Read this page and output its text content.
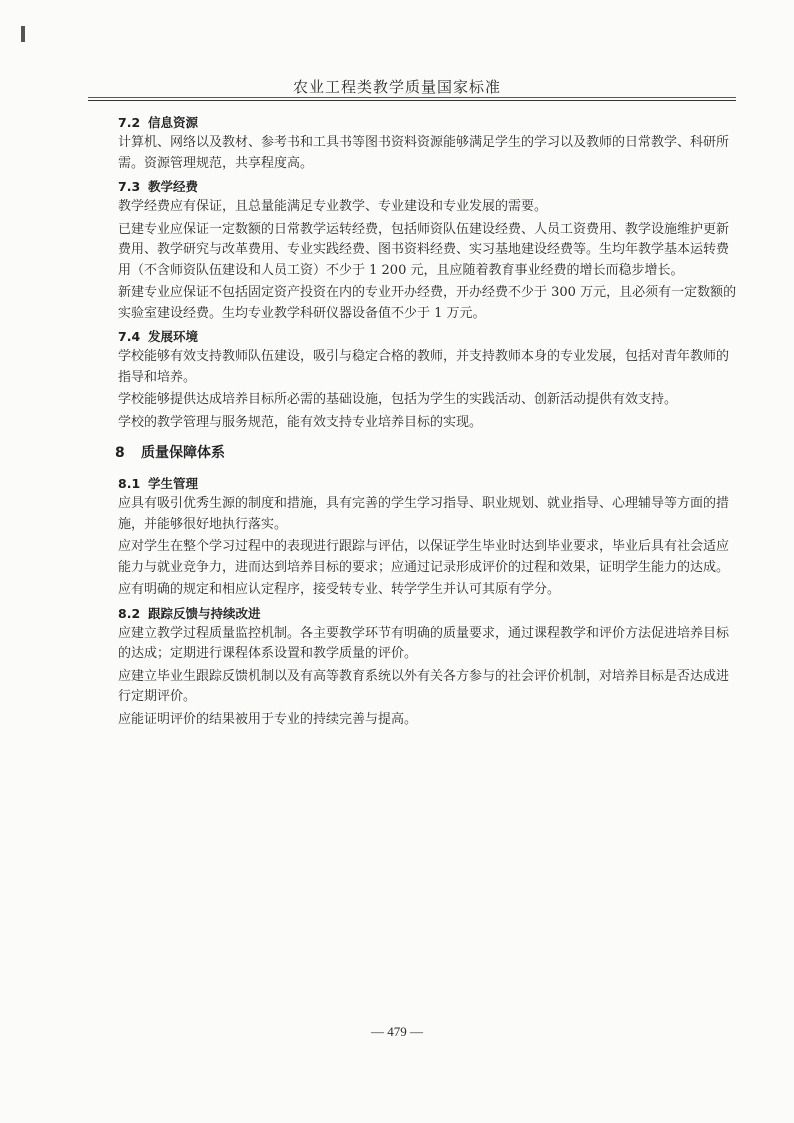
农业工程类教学质量国家标准
7.2 信息资源
计算机、网络以及教材、参考书和工具书等图书资料资源能够满足学生的学习以及教师的日常教学、科研所需。资源管理规范，共享程度高。
7.3 教学经费
教学经费应有保证，且总量能满足专业教学、专业建设和专业发展的需要。
已建专业应保证一定数额的日常教学运转经费，包括师资队伍建设经费、人员工资费用、教学设施维护更新费用、教学研究与改革费用、专业实践经费、图书资料经费、实习基地建设经费等。生均年教学基本运转费用（不含师资队伍建设和人员工资）不少于 1 200 元，且应随着教育事业经费的增长而稳步增长。
新建专业应保证不包括固定资产投资在内的专业开办经费，开办经费不少于 300 万元，且必须有一定数额的实验室建设经费。生均专业教学科研仪器设备值不少于 1 万元。
7.4 发展环境
学校能够有效支持教师队伍建设，吸引与稳定合格的教师，并支持教师本身的专业发展，包括对青年教师的指导和培养。
学校能够提供达成培养目标所必需的基础设施，包括为学生的实践活动、创新活动提供有效支持。
学校的教学管理与服务规范，能有效支持专业培养目标的实现。
8 质量保障体系
8.1 学生管理
应具有吸引优秀生源的制度和措施，具有完善的学生学习指导、职业规划、就业指导、心理辅导等方面的措施，并能够很好地执行落实。
应对学生在整个学习过程中的表现进行跟踪与评估，以保证学生毕业时达到毕业要求，毕业后具有社会适应能力与就业竞争力，进而达到培养目标的要求；应通过记录形成评价的过程和效果，证明学生能力的达成。
应有明确的规定和相应认定程序，接受转专业、转学学生并认可其原有学分。
8.2 跟踪反馈与持续改进
应建立教学过程质量监控机制。各主要教学环节有明确的质量要求，通过课程教学和评价方法促进培养目标的达成；定期进行课程体系设置和教学质量的评价。
应建立毕业生跟踪反馈机制以及有高等教育系统以外有关各方参与的社会评价机制，对培养目标是否达成进行定期评价。
应能证明评价的结果被用于专业的持续完善与提高。
— 479 —
